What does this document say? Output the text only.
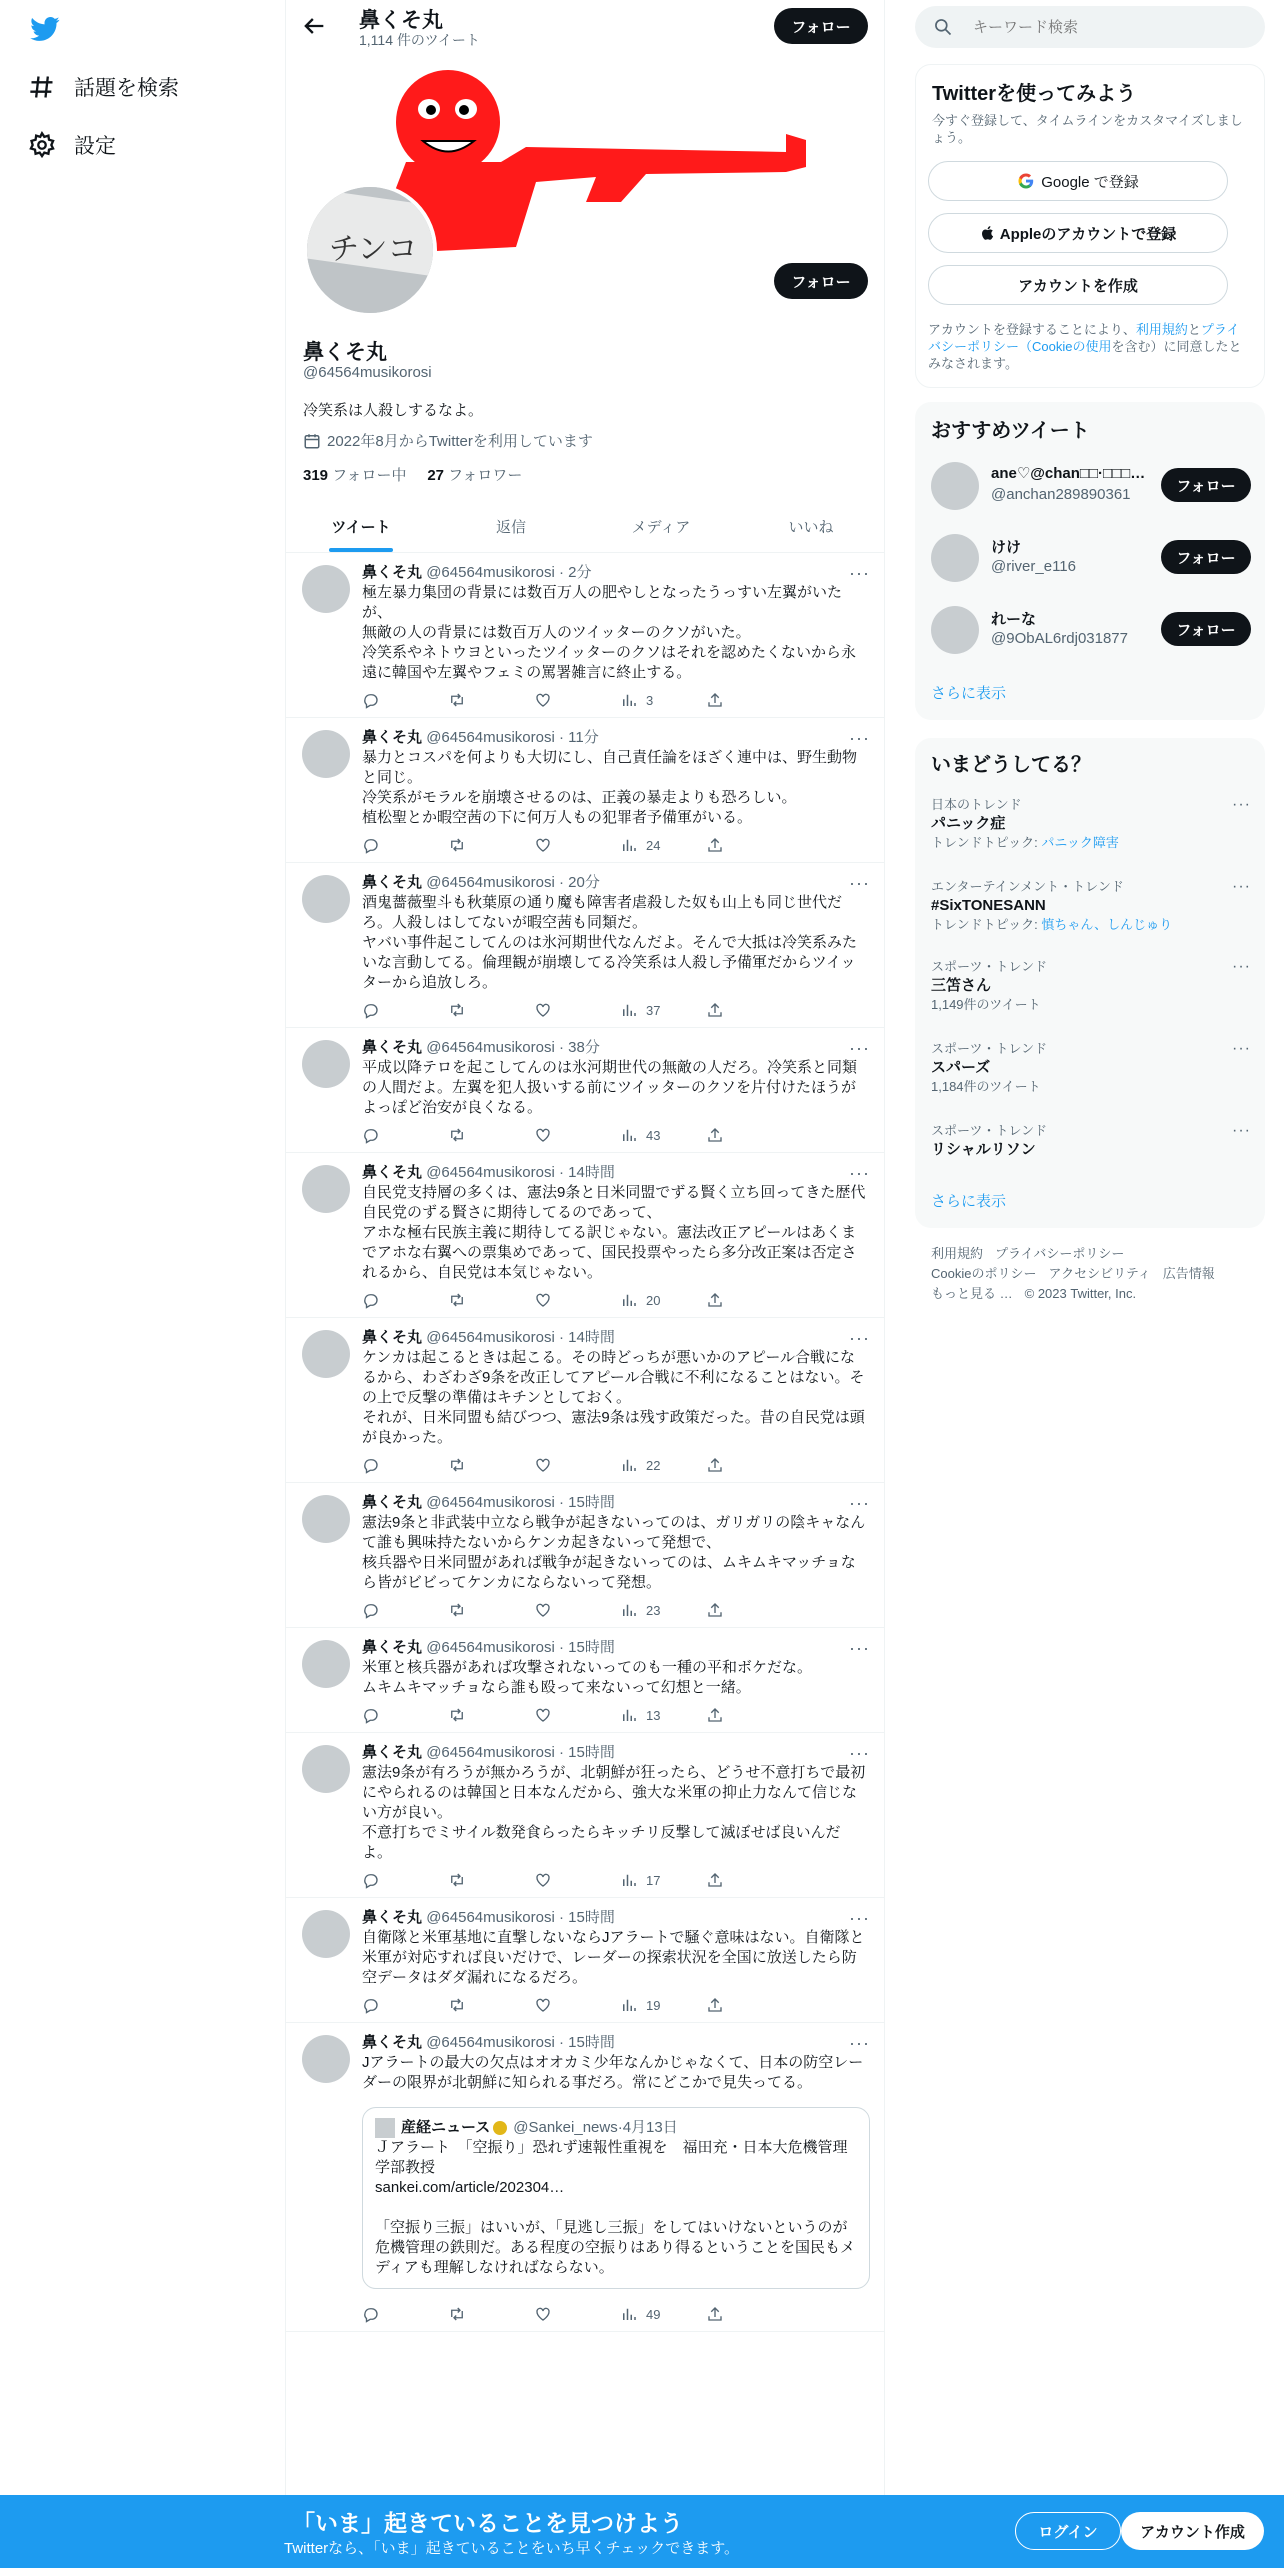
話題を検索
設定
鼻くそ丸
1,114 件のツイート
フォロー
チンコ
フォロー
鼻くそ丸
@64564musikorosi
冷笑系は人殺しするなよ。
2022年8月からTwitterを利用しています
319 フォロー中 27 フォロワー
ツイート	返信	メディア	いいね
···
鼻くそ丸 @64564musikorosi · 2分
極左暴力集団の背景には数百万人の肥やしとなったうっすい左翼がいたが、
無敵の人の背景には数百万人のツイッターのクソがいた。
冷笑系やネトウヨといったツイッターのクソはそれを認めたくないから永遠に韓国や左翼やフェミの罵署雑言に終止する。
3
···
鼻くそ丸 @64564musikorosi · 11分
暴力とコスパを何よりも大切にし、自己責任論をほざく連中は、野生動物と同じ。
冷笑系がモラルを崩壊させるのは、正義の暴走よりも恐ろしい。
植松聖とか暇空茜の下に何万人もの犯罪者予備軍がいる。
24
···
鼻くそ丸 @64564musikorosi · 20分
酒鬼薔薇聖斗も秋葉原の通り魔も障害者虐殺した奴も山上も同じ世代だろ。人殺しはしてないが暇空茜も同類だ。
ヤバい事件起こしてんのは氷河期世代なんだよ。そんで大抵は冷笑系みたいな言動してる。倫理観が崩壊してる冷笑系は人殺し予備軍だからツイッターから追放しろ。
37
···
鼻くそ丸 @64564musikorosi · 38分
平成以降テロを起こしてんのは氷河期世代の無敵の人だろ。冷笑系と同類の人間だよ。左翼を犯人扱いする前にツイッターのクソを片付けたほうがよっぽど治安が良くなる。
43
···
鼻くそ丸 @64564musikorosi · 14時間
自民党支持層の多くは、憲法9条と日米同盟でずる賢く立ち回ってきた歴代自民党のずる賢さに期待してるのであって、
アホな極右民族主義に期待してる訳じゃない。憲法改正アピールはあくまでアホな右翼への票集めであって、国民投票やったら多分改正案は否定されるから、自民党は本気じゃない。
20
···
鼻くそ丸 @64564musikorosi · 14時間
ケンカは起こるときは起こる。その時どっちが悪いかのアピール合戦になるから、わざわざ9条を改正してアピール合戦に不利になることはない。その上で反撃の準備はキチンとしておく。
それが、日米同盟も結びつつ、憲法9条は残す政策だった。昔の自民党は頭が良かった。
22
···
鼻くそ丸 @64564musikorosi · 15時間
憲法9条と非武装中立なら戦争が起きないってのは、ガリガリの陰キャなんて誰も興味持たないからケンカ起きないって発想で、
核兵器や日米同盟があれば戦争が起きないってのは、ムキムキマッチョなら皆がビビってケンカにならないって発想。
23
···
鼻くそ丸 @64564musikorosi · 15時間
米軍と核兵器があれば攻撃されないってのも一種の平和ボケだな。
ムキムキマッチョなら誰も殴って来ないって幻想と一緒。
13
···
鼻くそ丸 @64564musikorosi · 15時間
憲法9条が有ろうが無かろうが、北朝鮮が狂ったら、どうせ不意打ちで最初にやられるのは韓国と日本なんだから、強大な米軍の抑止力なんて信じない方が良い。
不意打ちでミサイル数発食らったらキッチリ反撃して滅ぼせば良いんだよ。
17
···
鼻くそ丸 @64564musikorosi · 15時間
自衛隊と米軍基地に直撃しないならJアラートで騒ぐ意味はない。自衛隊と米軍が対応すれば良いだけで、レーダーの探索状況を全国に放送したら防空データはダダ漏れになるだろ。
19
···
鼻くそ丸 @64564musikorosi · 15時間
Jアラートの最大の欠点はオオカミ少年なんかじゃなくて、日本の防空レーダーの限界が北朝鮮に知られる事だろ。常にどこかで見失ってる。
産経ニュース @Sankei_news · 4月13日
Ｊアラート　「空振り」恐れず速報性重視を　福田充・日本大危機管理学部教授
sankei.com/article/202304…

「空振り三振」はいいが、「見逃し三振」をしてはいけないというのが危機管理の鉄則だ。ある程度の空振りはあり得るということを国民もメディアも理解しなければならない。
49
キーワード検索
Twitterを使ってみよう
今すぐ登録して、タイムラインをカスタマイズしましょう。
Google で登録
Appleのアカウントで登録
アカウントを作成
アカウントを登録することにより、利用規約とプライバシーポリシー（Cookieの使用を含む）に同意したとみなされます。
おすすめツイート
ane♡@chan□□·□□□…
@anchan289890361	フォロー
けけ
@river_e116	フォロー
れーな
@9ObAL6rdj031877	フォロー
さらに表示
いまどうしてる？
日本のトレンド
パニック症
トレンドトピック: パニック障害
···
エンターテインメント・トレンド
#SixTONESANN
トレンドトピック: 慎ちゃん、しんじゅり
···
スポーツ・トレンド
三笘さん
1,149件のツイート
···
スポーツ・トレンド
スパーズ
1,184件のツイート
···
スポーツ・トレンド
リシャルリソン
···
さらに表示
利用規約 プライバシーポリシー
Cookieのポリシー アクセシビリティ 広告情報
もっと見る … © 2023 Twitter, Inc.
「いま」起きていることを見つけよう
Twitterなら、「いま」起きていることをいち早くチェックできます。
ログイン	アカウント作成
